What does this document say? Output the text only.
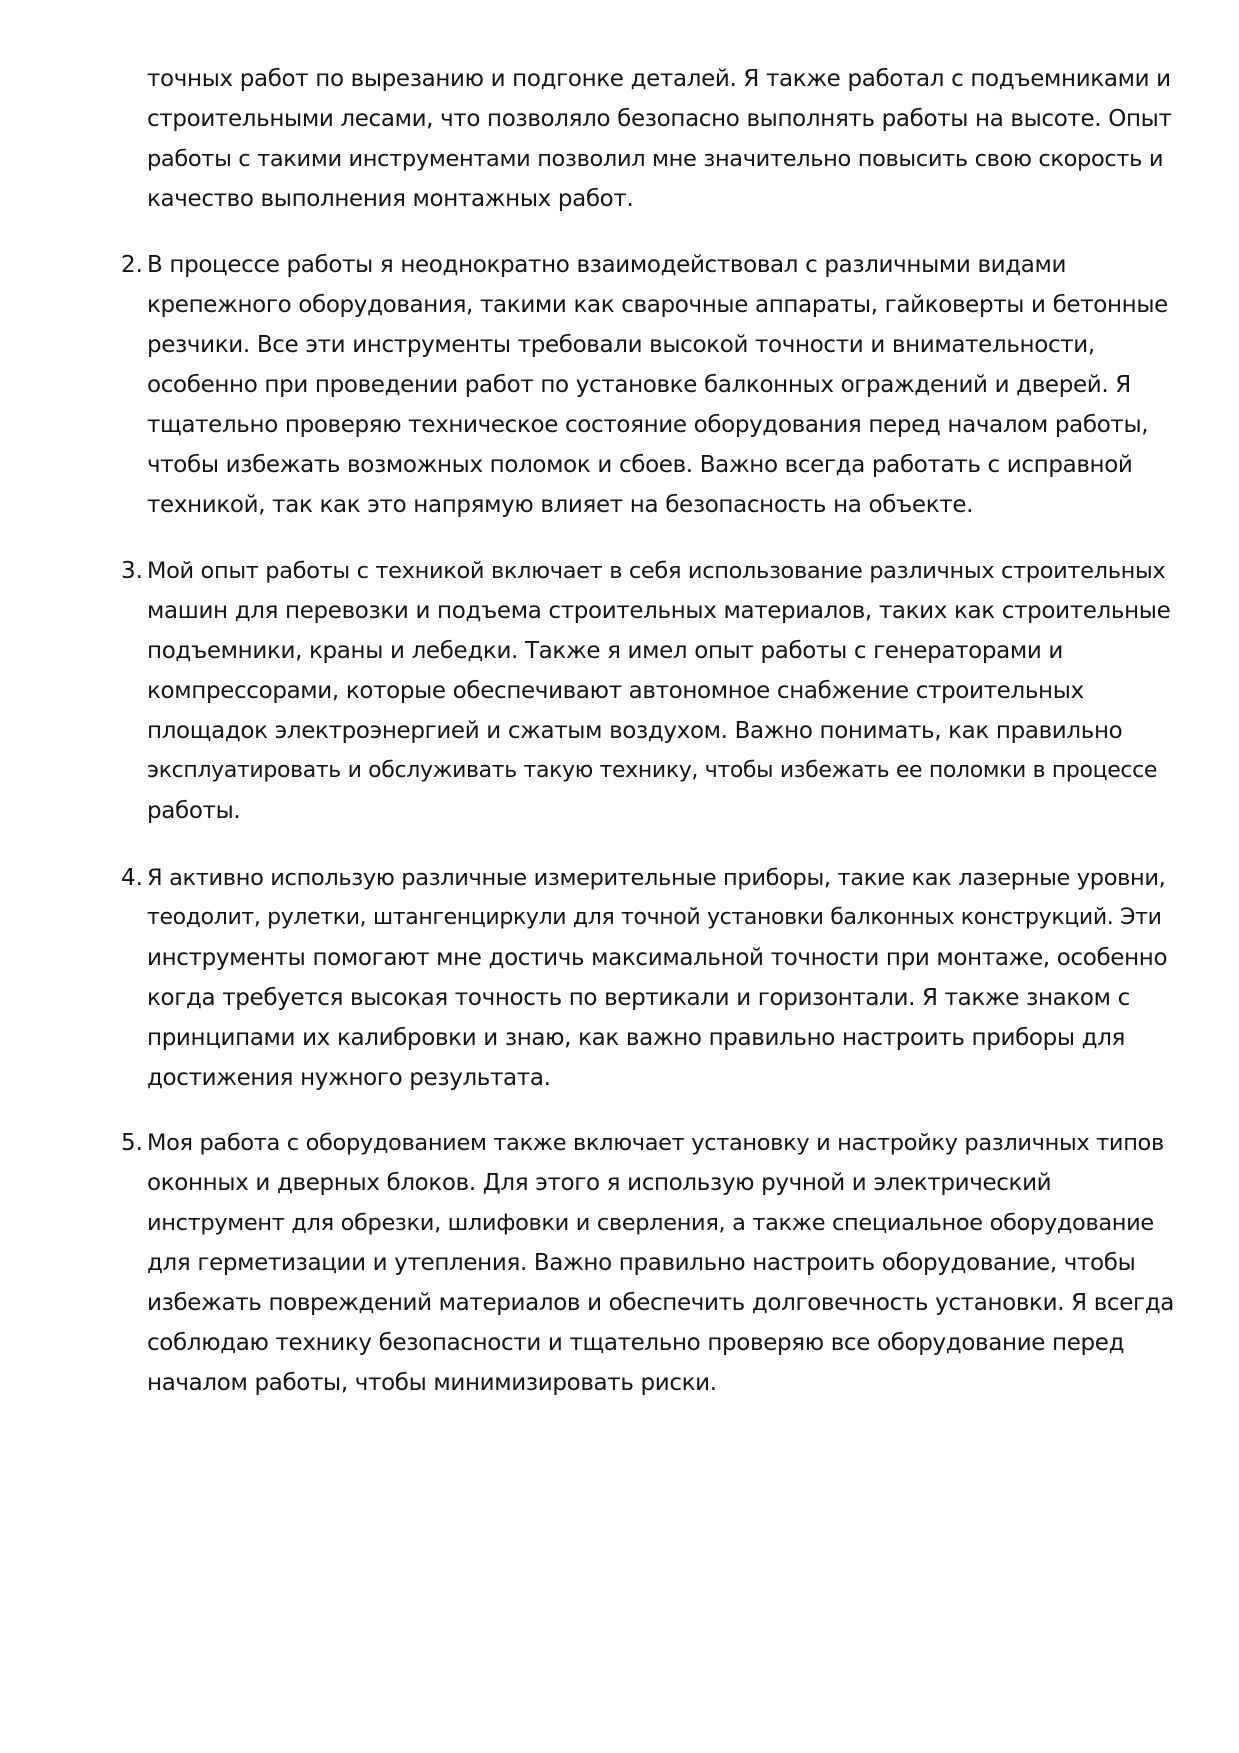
точных работ по вырезанию и подгонке деталей. Я также работал с подъемниками и
строительными лесами, что позволяло безопасно выполнять работы на высоте. Опыт
работы с такими инструментами позволил мне значительно повысить свою скорость и
качество выполнения монтажных работ.
2. В процессе работы я неоднократно взаимодействовал с различными видами
крепежного оборудования, такими как сварочные аппараты, гайковерты и бетонные
резчики. Все эти инструменты требовали высокой точности и внимательности,
особенно при проведении работ по установке балконных ограждений и дверей. Я
тщательно проверяю техническое состояние оборудования перед началом работы,
чтобы избежать возможных поломок и сбоев. Важно всегда работать с исправной
техникой, так как это напрямую влияет на безопасность на объекте.
3. Мой опыт работы с техникой включает в себя использование различных строительных
машин для перевозки и подъема строительных материалов, таких как строительные
подъемники, краны и лебедки. Также я имел опыт работы с генераторами и
компрессорами, которые обеспечивают автономное снабжение строительных
площадок электроэнергией и сжатым воздухом. Важно понимать, как правильно
эксплуатировать и обслуживать такую технику, чтобы избежать ее поломки в процессе
работы.
4. Я активно использую различные измерительные приборы, такие как лазерные уровни,
теодолит, рулетки, штангенциркули для точной установки балконных конструкций. Эти
инструменты помогают мне достичь максимальной точности при монтаже, особенно
когда требуется высокая точность по вертикали и горизонтали. Я также знаком с
принципами их калибровки и знаю, как важно правильно настроить приборы для
достижения нужного результата.
5. Моя работа с оборудованием также включает установку и настройку различных типов
оконных и дверных блоков. Для этого я использую ручной и электрический
инструмент для обрезки, шлифовки и сверления, а также специальное оборудование
для герметизации и утепления. Важно правильно настроить оборудование, чтобы
избежать повреждений материалов и обеспечить долговечность установки. Я всегда
соблюдаю технику безопасности и тщательно проверяю все оборудование перед
началом работы, чтобы минимизировать риски.
